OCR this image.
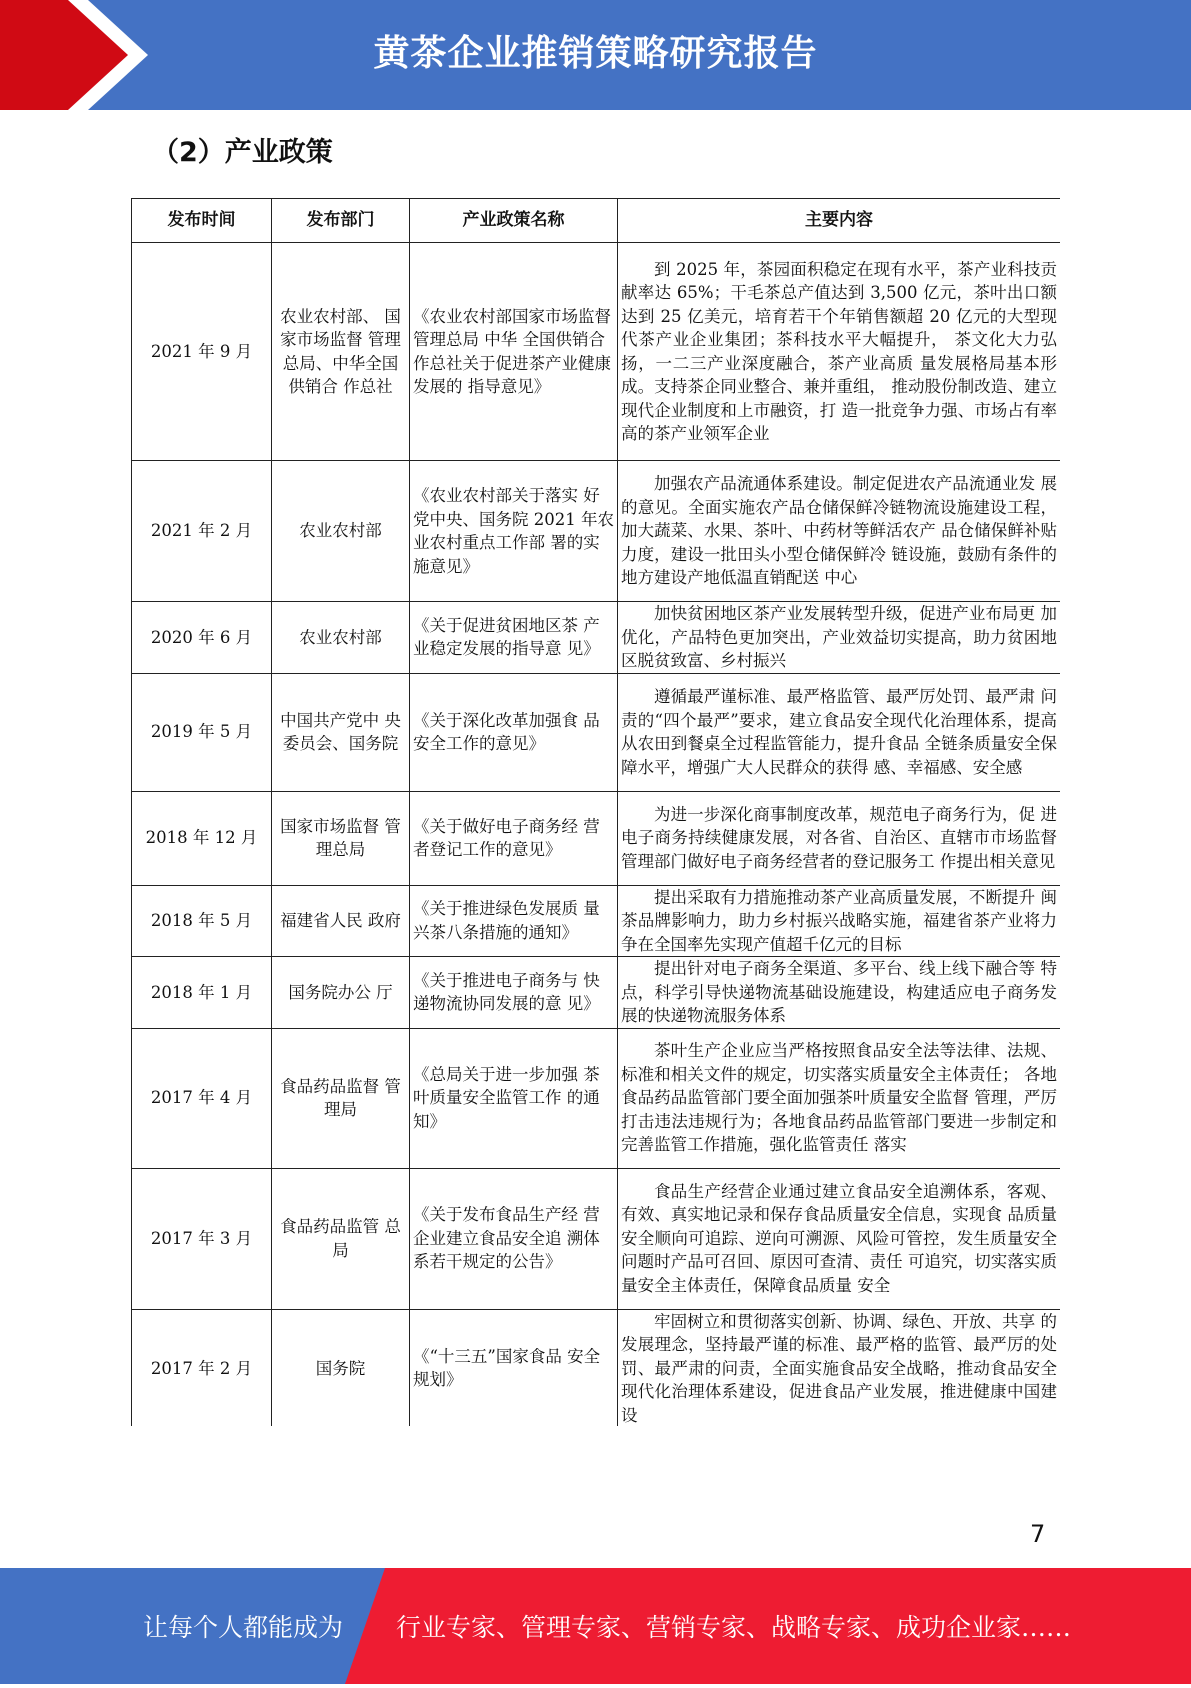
黄茶企业推销策略研究报告
（2）产业政策
发布时间	发布部门	产业政策名称	主要内容
2021 年 9 月	农业农村部、 国家市场监督 管理总局、中华全国供销合 作总社	《农业农村部国家市场监督管理总局 中华 全国供销合作总社关于促进茶产业健康发展的 指导意见》	到 2025 年，茶园面积稳定在现有水平，茶产业科技贡 献率达 65%；干毛茶总产值达到 3,500 亿元，茶叶出口额达到 25 亿美元，培育若干个年销售额超 20 亿元的大型现代茶产业企业集团；茶科技水平大幅提升， 茶文化大力弘扬，一二三产业深度融合，茶产业高质 量发展格局基本形成。支持茶企同业整合、兼并重组， 推动股份制改造、建立现代企业制度和上市融资，打 造一批竞争力强、市场占有率高的茶产业领军企业
2021 年 2 月	农业农村部	《农业农村部关于落实 好党中央、国务院 2021 年农业农村重点工作部 署的实施意见》	加强农产品流通体系建设。制定促进农产品流通业发 展的意见。全面实施农产品仓储保鲜冷链物流设施建设工程，加大蔬菜、水果、茶叶、中药材等鲜活农产 品仓储保鲜补贴力度，建设一批田头小型仓储保鲜冷 链设施，鼓励有条件的地方建设产地低温直销配送 中心
2020 年 6 月	农业农村部	《关于促进贫困地区茶 产业稳定发展的指导意 见》	加快贫困地区茶产业发展转型升级，促进产业布局更 加优化，产品特色更加突出，产业效益切实提高，助力贫困地区脱贫致富、乡村振兴
2019 年 5 月	中国共产党中 央委员会、国务院	《关于深化改革加强食 品安全工作的意见》	遵循最严谨标准、最严格监管、最严厉处罚、最严肃 问责的“四个最严”要求，建立食品安全现代化治理体系，提高从农田到餐桌全过程监管能力，提升食品 全链条质量安全保障水平，增强广大人民群众的获得 感、幸福感、安全感
2018 年 12 月	国家市场监督 管理总局	《关于做好电子商务经 营者登记工作的意见》	为进一步深化商事制度改革，规范电子商务行为，促 进电子商务持续健康发展，对各省、自治区、直辖市市场监督管理部门做好电子商务经营者的登记服务工 作提出相关意见
2018 年 5 月	福建省人民 政府	《关于推进绿色发展质 量兴茶八条措施的通知》	提出采取有力措施推动茶产业高质量发展，不断提升 闽茶品牌影响力，助力乡村振兴战略实施，福建省茶产业将力争在全国率先实现产值超千亿元的目标
2018 年 1 月	国务院办公 厅	《关于推进电子商务与 快递物流协同发展的意 见》	提出针对电子商务全渠道、多平台、线上线下融合等 特点，科学引导快递物流基础设施建设，构建适应电子商务发展的快递物流服务体系
2017 年 4 月	食品药品监督 管理局	《总局关于进一步加强 茶叶质量安全监管工作 的通知》	茶叶生产企业应当严格按照食品安全法等法律、法规、 标准和相关文件的规定，切实落实质量安全主体责任； 各地食品药品监管部门要全面加强茶叶质量安全监督 管理，严厉打击违法违规行为；各地食品药品监管部门要进一步制定和完善监管工作措施，强化监管责任 落实
2017 年 3 月	食品药品监管 总局	《关于发布食品生产经 营企业建立食品安全追 溯体系若干规定的公告》	食品生产经营企业通过建立食品安全追溯体系，客观、 有效、真实地记录和保存食品质量安全信息，实现食 品质量安全顺向可追踪、逆向可溯源、风险可管控，发生质量安全问题时产品可召回、原因可查清、责任 可追究，切实落实质量安全主体责任，保障食品质量 安全
2017 年 2 月	国务院	《“十三五”国家食品 安全规划》	牢固树立和贯彻落实创新、协调、绿色、开放、共享 的发展理念，坚持最严谨的标准、最严格的监管、最严厉的处罚、最严肃的问责，全面实施食品安全战略，推动食品安全现代化治理体系建设，促进食品产业发展，推进健康中国建设
7
让每个人都能成为 行业专家、管理专家、营销专家、战略专家、成功企业家……
